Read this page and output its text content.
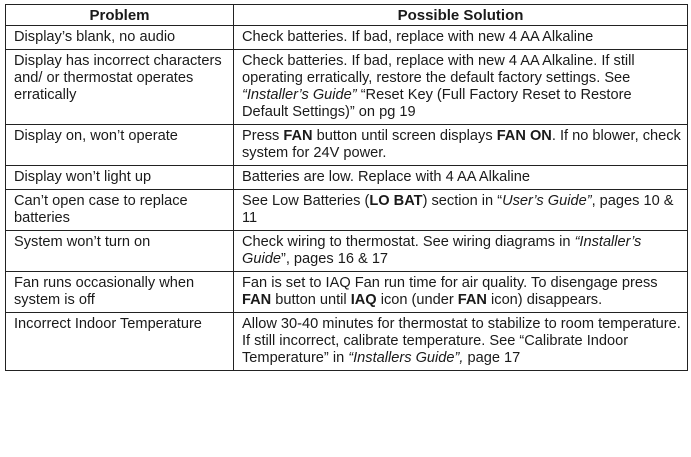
Problem	Possible Solution
Display’s blank, no audio	Check batteries. If bad, replace with new 4 AA Alkaline
Display has incorrect characters and/ or thermostat operates erratically	Check batteries. If bad, replace with new 4 AA Alkaline. If still operating erratically, restore the default factory settings. See “Installer’s Guide” “Reset Key (Full Factory Reset to Restore Default Settings)” on pg 19
Display on, won’t operate	Press FAN button until screen displays FAN ON. If no blower, check system for 24V power.
Display won’t light up	Batteries are low. Replace with 4 AA Alkaline
Can’t open case to replace batteries	See Low Batteries (LO BAT) section in “User’s Guide”, pages 10 & 11
System won’t turn on	Check wiring to thermostat. See wiring diagrams in “Installer’s Guide”, pages 16 & 17
Fan runs occasionally when system is off	Fan is set to IAQ Fan run time for air quality. To disengage press FAN button until IAQ icon (under FAN icon) disappears.
Incorrect Indoor Temperature	Allow 30-40 minutes for thermostat to stabilize to room temperature. If still incorrect, calibrate temperature. See “Calibrate Indoor Temperature” in “Installers Guide”, page 17
